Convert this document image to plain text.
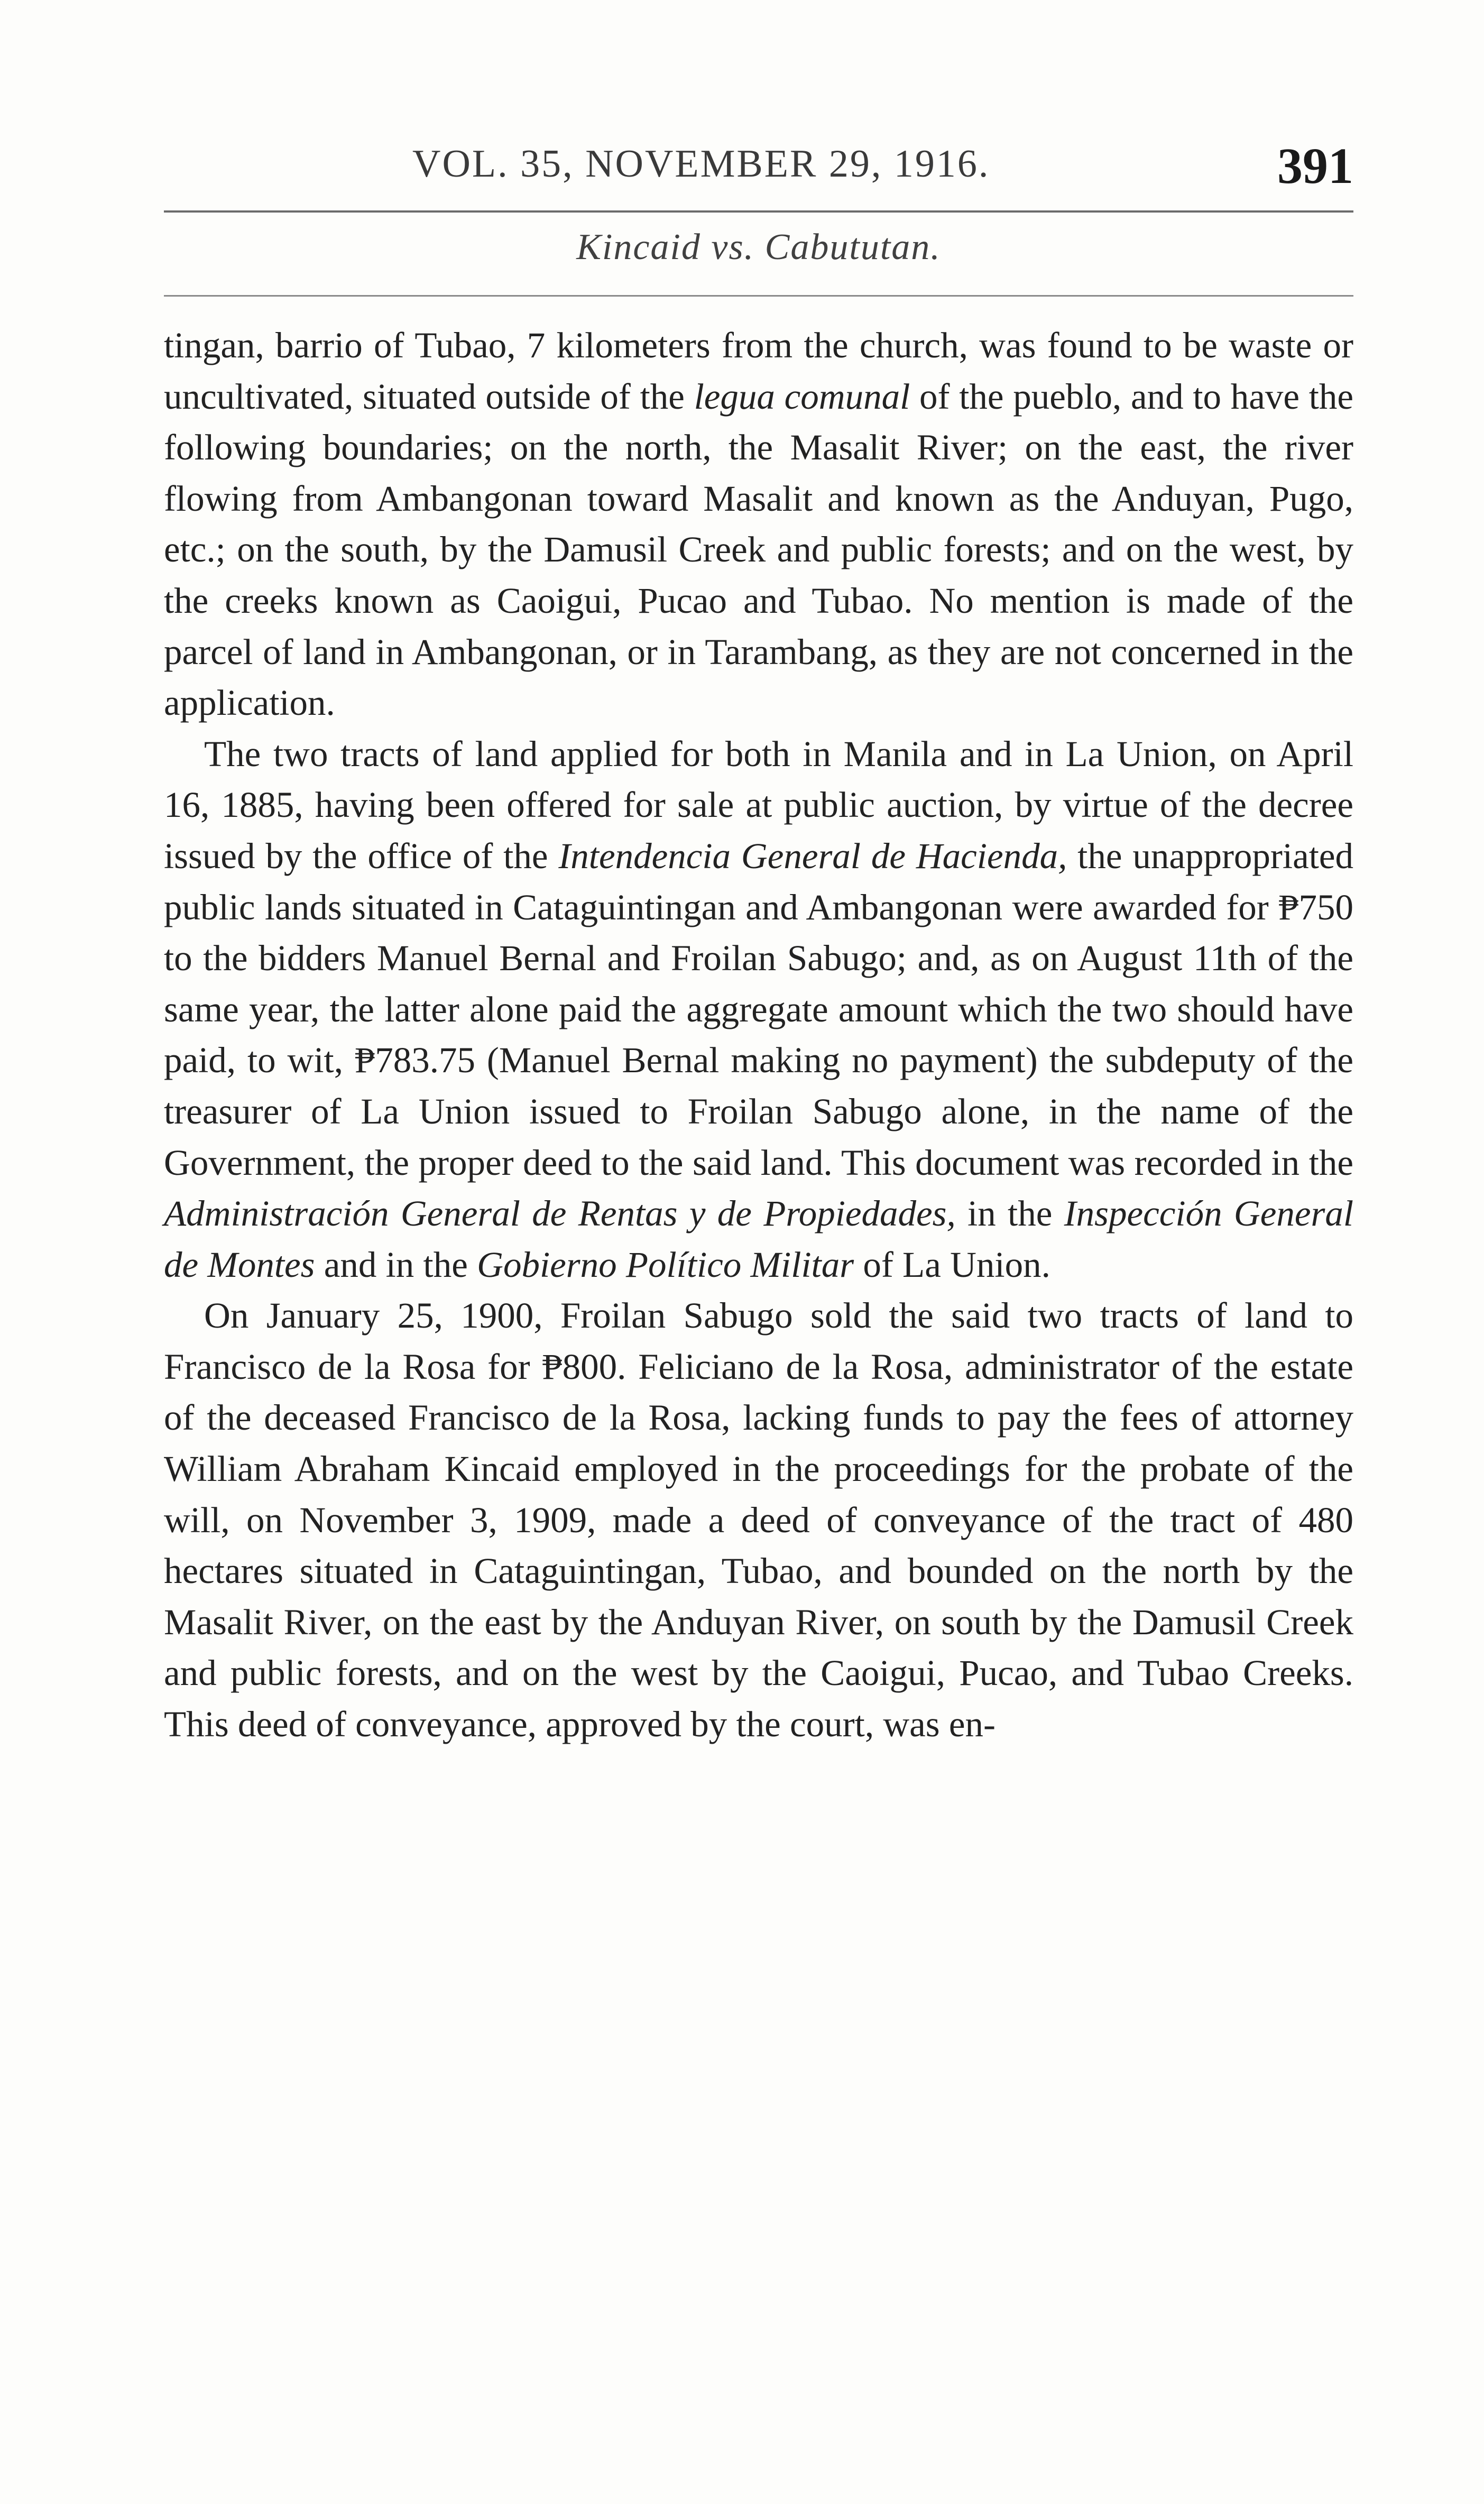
VOL. 35, NOVEMBER 29, 1916.	391
Kincaid vs. Cabututan.

tingan, barrio of Tubao, 7 kilometers from the church, was found to be waste or uncultivated, situated outside of the legua comunal of the pueblo, and to have the following boundaries; on the north, the Masalit River; on the east, the river flowing from Ambangonan toward Masalit and known as the Anduyan, Pugo, etc.; on the south, by the Damusil Creek and public forests; and on the west, by the creeks known as Caoigui, Pucao and Tubao. No mention is made of the parcel of land in Ambangonan, or in Tarambang, as they are not concerned in the application.

The two tracts of land applied for both in Manila and in La Union, on April 16, 1885, having been offered for sale at public auction, by virtue of the decree issued by the office of the Intendencia General de Hacienda, the unappropriated public lands situated in Cataguintingan and Ambangonan were awarded for ₱750 to the bidders Manuel Bernal and Froilan Sabugo; and, as on August 11th of the same year, the latter alone paid the aggregate amount which the two should have paid, to wit, ₱783.75 (Manuel Bernal making no payment) the subdeputy of the treasurer of La Union issued to Froilan Sabugo alone, in the name of the Government, the proper deed to the said land. This document was recorded in the Administración General de Rentas y de Propiedades, in the Inspección General de Montes and in the Gobierno Político Militar of La Union.

On January 25, 1900, Froilan Sabugo sold the said two tracts of land to Francisco de la Rosa for ₱800. Feliciano de la Rosa, administrator of the estate of the deceased Francisco de la Rosa, lacking funds to pay the fees of attorney William Abraham Kincaid employed in the proceedings for the probate of the will, on November 3, 1909, made a deed of conveyance of the tract of 480 hectares situated in Cataguintingan, Tubao, and bounded on the north by the Masalit River, on the east by the Anduyan River, on south by the Damusil Creek and public forests, and on the west by the Caoigui, Pucao, and Tubao Creeks. This deed of conveyance, approved by the court, was en-
